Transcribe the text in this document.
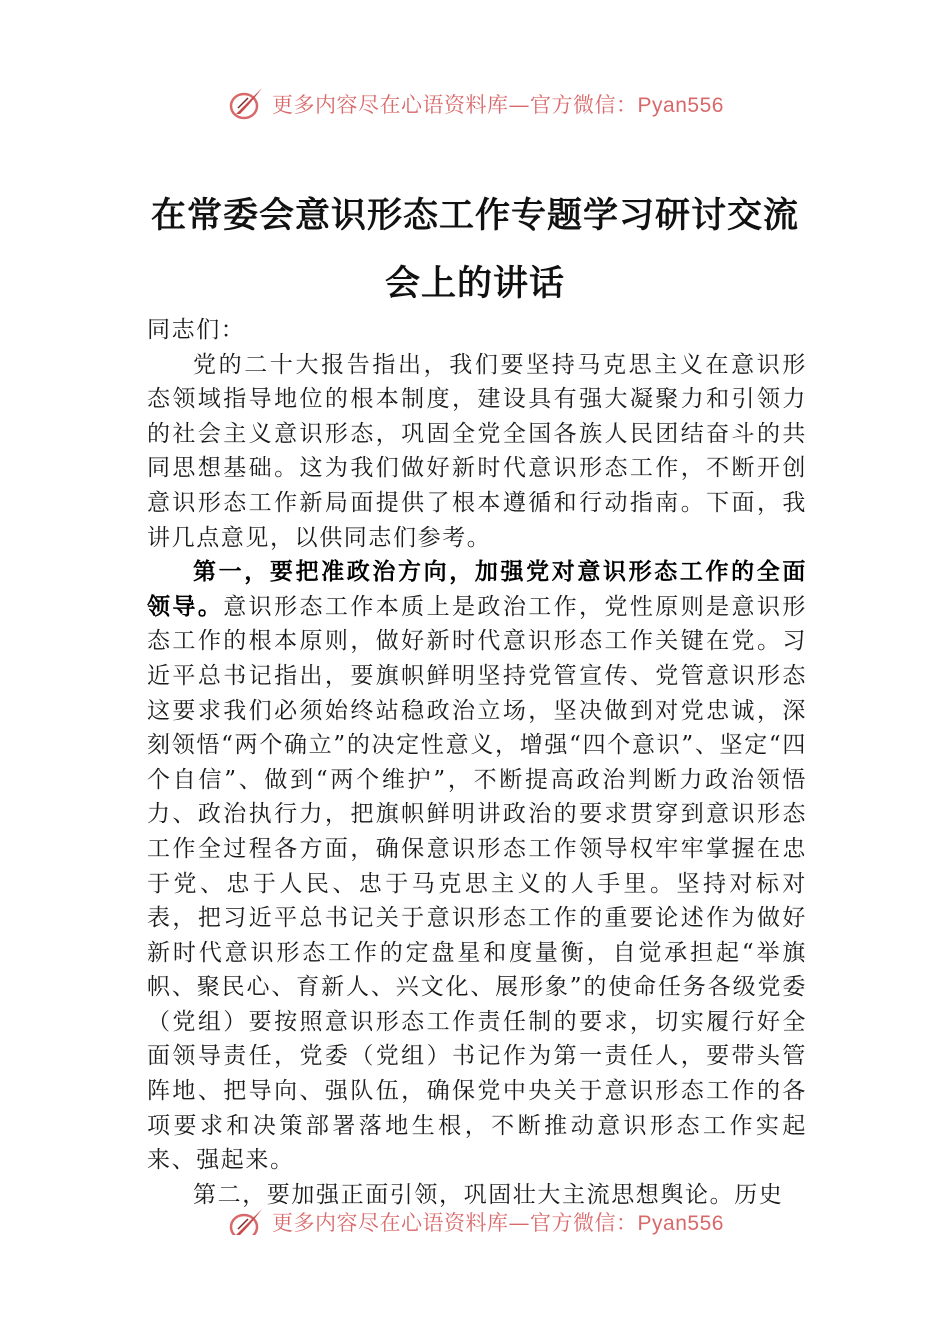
更多内容尽在心语资料库—官方微信：Pyan556
在常委会意识形态工作专题学习研讨交流
会上的讲话

同志们：

党的二十大报告指出，我们要坚持马克思主义在意识形态领域指导地位的根本制度，建设具有强大凝聚力和引领力的社会主义意识形态，巩固全党全国各族人民团结奋斗的共同思想基础。这为我们做好新时代意识形态工作，不断开创意识形态工作新局面提供了根本遵循和行动指南。下面，我讲几点意见，以供同志们参考。

第一，要把准政治方向，加强党对意识形态工作的全面领导。意识形态工作本质上是政治工作，党性原则是意识形态工作的根本原则，做好新时代意识形态工作关键在党。习近平总书记指出，要旗帜鲜明坚持党管宣传、党管意识形态这要求我们必须始终站稳政治立场，坚决做到对党忠诚，深刻领悟“两个确立”的决定性意义，增强“四个意识”、坚定“四个自信”、做到“两个维护”，不断提高政治判断力政治领悟力、政治执行力，把旗帜鲜明讲政治的要求贯穿到意识形态工作全过程各方面，确保意识形态工作领导权牢牢掌握在忠于党、忠于人民、忠于马克思主义的人手里。坚持对标对表，把习近平总书记关于意识形态工作的重要论述作为做好新时代意识形态工作的定盘星和度量衡，自觉承担起“举旗帜、聚民心、育新人、兴文化、展形象”的使命任务各级党委（党组）要按照意识形态工作责任制的要求，切实履行好全面领导责任，党委（党组）书记作为第一责任人，要带头管阵地、把导向、强队伍，确保党中央关于意识形态工作的各项要求和决策部署落地生根，不断推动意识形态工作实起来、强起来。

第二，要加强正面引领，巩固壮大主流思想舆论。历史

更多内容尽在心语资料库—官方微信：Pyan556
